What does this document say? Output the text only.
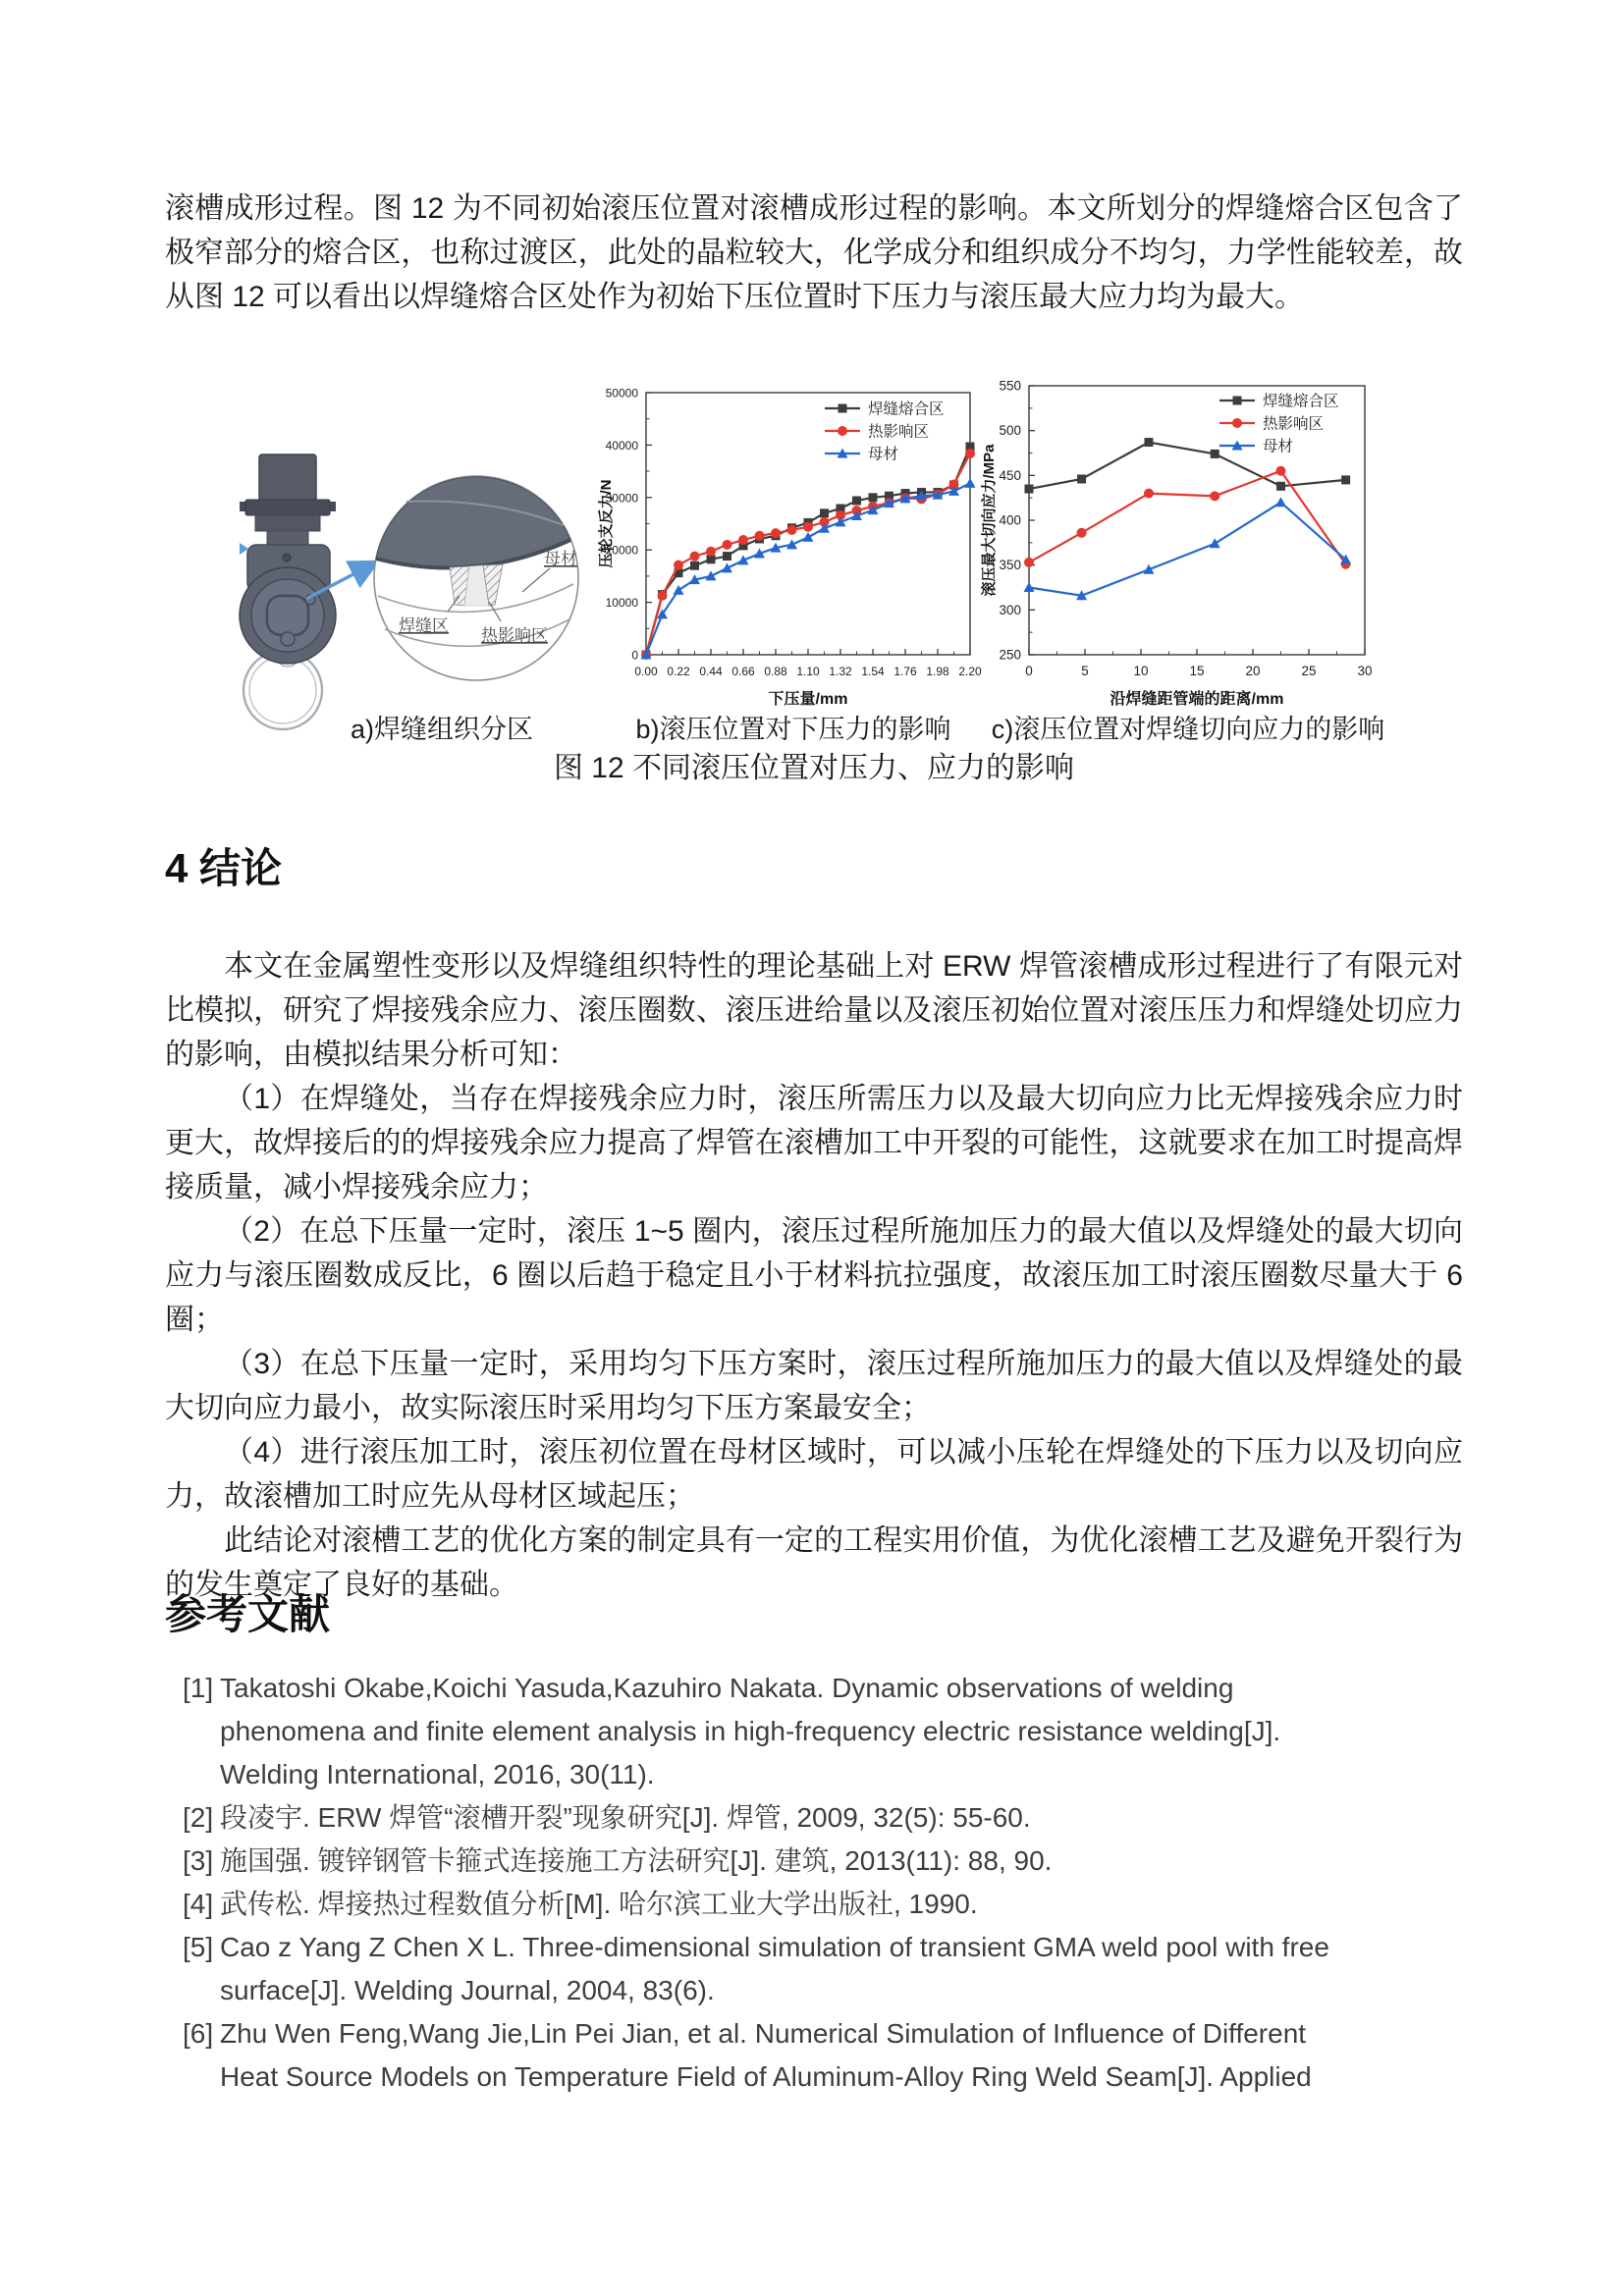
滚槽成形过程。图 12 为不同初始滚压位置对滚槽成形过程的影响。本文所划分的焊缝熔合区包含了极窄部分的熔合区，也称过渡区，此处的晶粒较大，化学成分和组织成分不均匀，力学性能较差，故从图 12 可以看出以焊缝熔合区处作为初始下压位置时下压力与滚压最大应力均为最大。
母材
焊缝区
热影响区
0.00 0.22 0.44 0.66 0.88 1.10 1.32 1.54 1.76 1.98 2.20
0
10000
20000
30000
40000
50000
焊缝熔合区
热影响区
母材
下压量/mm
压轮支反力/N
0	5	10	15	20	25	30
250
300
350
400
450
500
550
焊缝熔合区
热影响区
母材
沿焊缝距管端的距离/mm
滚压最大切向应力/MPa
a)焊缝组织分区	b)滚压位置对下压力的影响	c)滚压位置对焊缝切向应力的影响
图 12 不同滚压位置对压力、应力的影响
4 结论

本文在金属塑性变形以及焊缝组织特性的理论基础上对 ERW 焊管滚槽成形过程进行了有限元对比模拟，研究了焊接残余应力、滚压圈数、滚压进给量以及滚压初始位置对滚压压力和焊缝处切应力的影响，由模拟结果分析可知：

（1）在焊缝处，当存在焊接残余应力时，滚压所需压力以及最大切向应力比无焊接残余应力时更大，故焊接后的的焊接残余应力提高了焊管在滚槽加工中开裂的可能性，这就要求在加工时提高焊接质量，减小焊接残余应力；

（2）在总下压量一定时，滚压 1~5 圈内，滚压过程所施加压力的最大值以及焊缝处的最大切向应力与滚压圈数成反比，6 圈以后趋于稳定且小于材料抗拉强度，故滚压加工时滚压圈数尽量大于 6 圈；

（3）在总下压量一定时，采用均匀下压方案时，滚压过程所施加压力的最大值以及焊缝处的最大切向应力最小，故实际滚压时采用均匀下压方案最安全；

（4）进行滚压加工时，滚压初位置在母材区域时，可以减小压轮在焊缝处的下压力以及切向应力，故滚槽加工时应先从母材区域起压；

此结论对滚槽工艺的优化方案的制定具有一定的工程实用价值，为优化滚槽工艺及避免开裂行为的发生奠定了良好的基础。

参考文献

[1] Takatoshi Okabe,Koichi Yasuda,Kazuhiro Nakata. Dynamic observations of welding phenomena and finite element analysis in high-frequency electric resistance welding[J]. Welding International, 2016, 30(11).

[2] 段凌宇. ERW 焊管“滚槽开裂”现象研究[J]. 焊管, 2009, 32(5): 55-60.

[3] 施国强. 镀锌钢管卡箍式连接施工方法研究[J]. 建筑, 2013(11): 88, 90.

[4] 武传松. 焊接热过程数值分析[M]. 哈尔滨工业大学出版社, 1990.

[5] Cao z Yang Z Chen X L. Three-dimensional simulation of transient GMA weld pool with free surface[J]. Welding Journal, 2004, 83(6).

[6] Zhu Wen Feng,Wang Jie,Lin Pei Jian, et al. Numerical Simulation of Influence of Different Heat Source Models on Temperature Field of Aluminum-Alloy Ring Weld Seam[J]. Applied
